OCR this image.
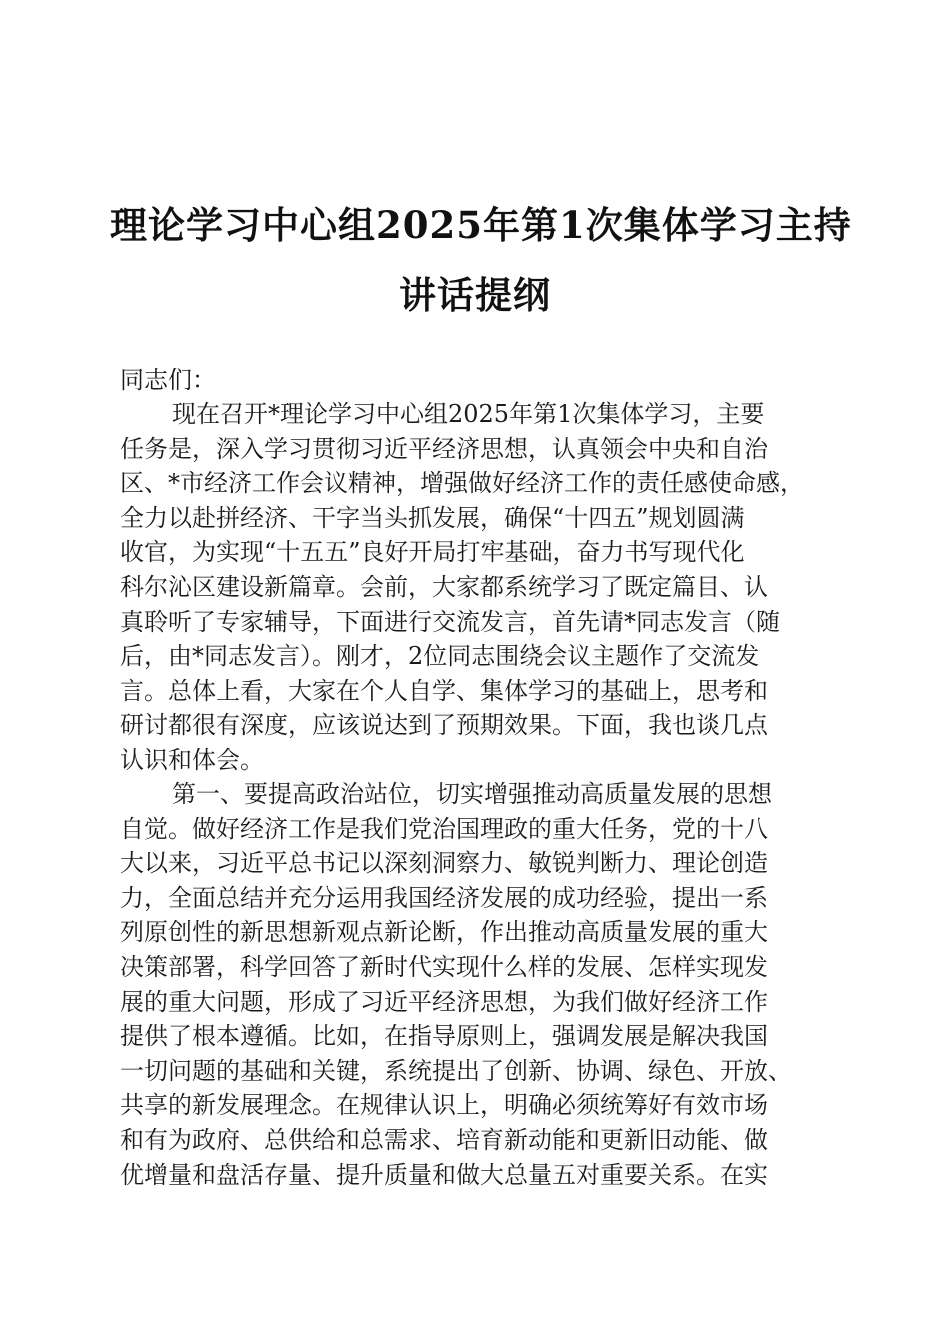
理论学习中心组2025年第1次集体学习主持
讲话提纲
同志们：
现在召开*理论学习中心组2025年第1次集体学习，主要
任务是，深入学习贯彻习近平经济思想，认真领会中央和自治
区、*市经济工作会议精神，增强做好经济工作的责任感使命感，
全力以赴拼经济、干字当头抓发展，确保“十四五”规划圆满
收官，为实现“十五五”良好开局打牢基础，奋力书写现代化
科尔沁区建设新篇章。会前，大家都系统学习了既定篇目、认
真聆听了专家辅导，下面进行交流发言，首先请*同志发言（随
后，由*同志发言）。刚才，2位同志围绕会议主题作了交流发
言。总体上看，大家在个人自学、集体学习的基础上，思考和
研讨都很有深度，应该说达到了预期效果。下面，我也谈几点
认识和体会。
第一、要提高政治站位，切实增强推动高质量发展的思想
自觉。做好经济工作是我们党治国理政的重大任务，党的十八
大以来，习近平总书记以深刻洞察力、敏锐判断力、理论创造
力，全面总结并充分运用我国经济发展的成功经验，提出一系
列原创性的新思想新观点新论断，作出推动高质量发展的重大
决策部署，科学回答了新时代实现什么样的发展、怎样实现发
展的重大问题，形成了习近平经济思想，为我们做好经济工作
提供了根本遵循。比如，在指导原则上，强调发展是解决我国
一切问题的基础和关键，系统提出了创新、协调、绿色、开放、
共享的新发展理念。在规律认识上，明确必须统筹好有效市场
和有为政府、总供给和总需求、培育新动能和更新旧动能、做
优增量和盘活存量、提升质量和做大总量五对重要关系。在实
